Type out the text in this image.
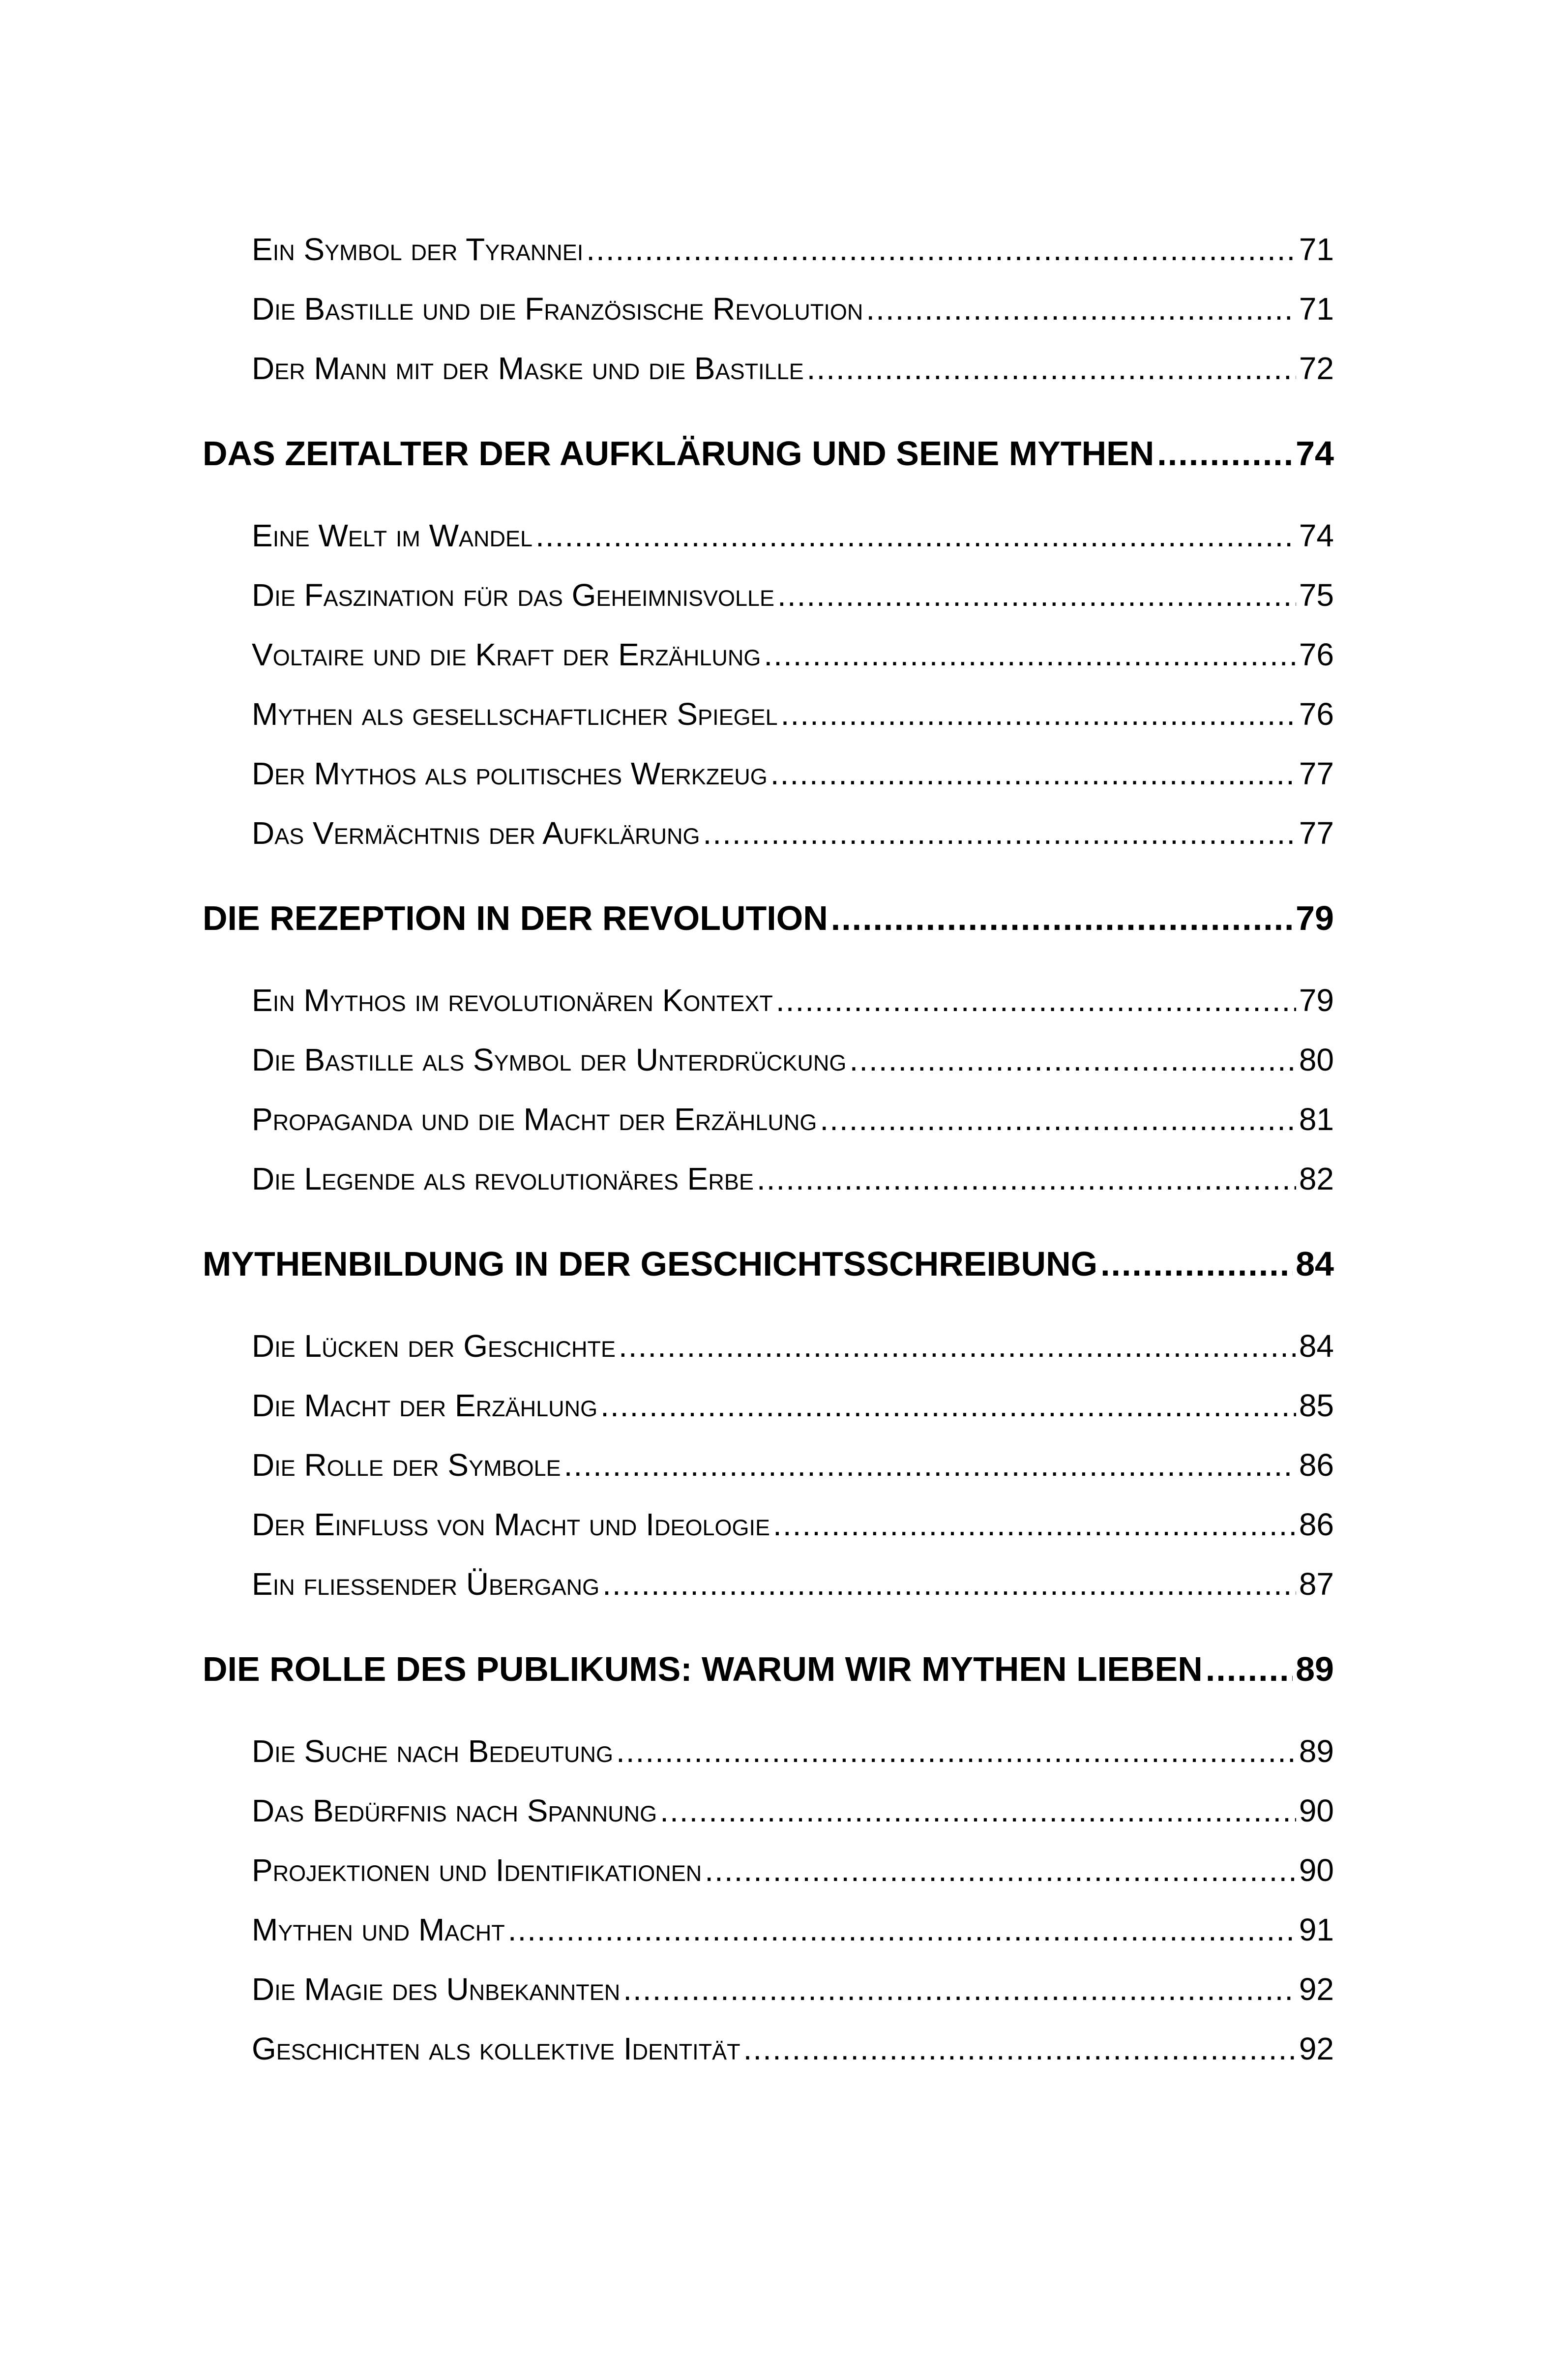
Ein Symbol der Tyrannei .....	71
Die Bastille und die Französische Revolution .....	71
Der Mann mit der Maske und die Bastille .....	72
DAS ZEITALTER DER AUFKLÄRUNG UND SEINE MYTHEN .....	74
Eine Welt im Wandel .....	74
Die Faszination für das Geheimnisvolle .....	75
Voltaire und die Kraft der Erzählung .....	76
Mythen als gesellschaftlicher Spiegel .....	76
Der Mythos als politisches Werkzeug .....	77
Das Vermächtnis der Aufklärung .....	77
DIE REZEPTION IN DER REVOLUTION .....	79
Ein Mythos im revolutionären Kontext .....	79
Die Bastille als Symbol der Unterdrückung .....	80
Propaganda und die Macht der Erzählung .....	81
Die Legende als revolutionäres Erbe .....	82
MYTHENBILDUNG IN DER GESCHICHTSSCHREIBUNG .....	84
Die Lücken der Geschichte .....	84
Die Macht der Erzählung .....	85
Die Rolle der Symbole .....	86
Der Einfluss von Macht und Ideologie .....	86
Ein fließender Übergang .....	87
DIE ROLLE DES PUBLIKUMS: WARUM WIR MYTHEN LIEBEN .....	89
Die Suche nach Bedeutung .....	89
Das Bedürfnis nach Spannung .....	90
Projektionen und Identifikationen .....	90
Mythen und Macht .....	91
Die Magie des Unbekannten .....	92
Geschichten als kollektive Identität .....	92
